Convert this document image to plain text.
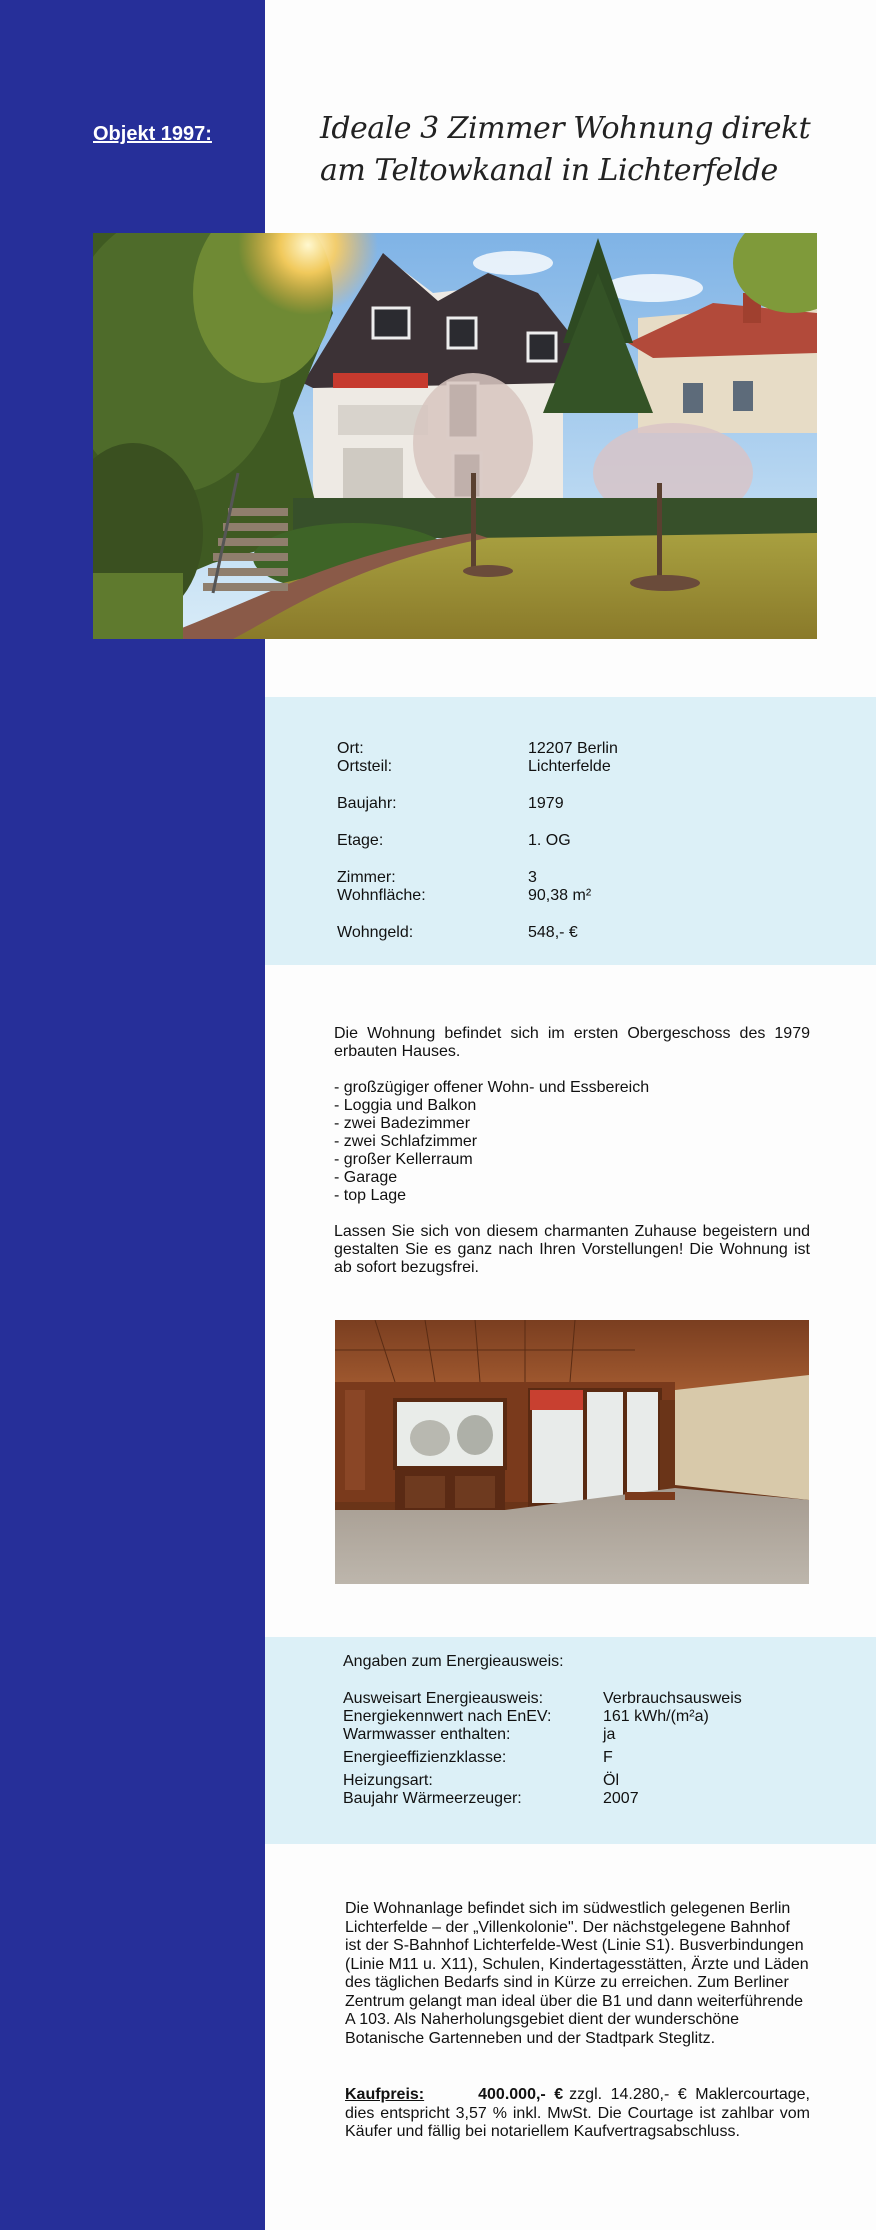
Objekt 1997:	Ideale 3 Zimmer Wohnung direkt am Teltowkanal in Lichterfelde
Ort:	12207 Berlin
Ortsteil:	Lichterfelde
Baujahr:	1979
Etage:	1. OG
Zimmer:	3
Wohnfläche:	90,38 m²
Wohngeld:	548,- €

Die Wohnung befindet sich im ersten Obergeschoss des 1979 erbauten Hauses.

- großzügiger offener Wohn- und Essbereich
- Loggia und Balkon
- zwei Badezimmer
- zwei Schlafzimmer
- großer Kellerraum
- Garage
- top Lage

Lassen Sie sich von diesem charmanten Zuhause begeistern und gestalten Sie es ganz nach Ihren Vorstellungen! Die Wohnung ist ab sofort bezugsfrei.

Angaben zum Energieausweis:
Ausweisart Energieausweis:	Verbrauchsausweis
Energiekennwert nach EnEV:	161 kWh/(m²a)
Warmwasser enthalten:	ja
Energieeffizienzklasse:	F
Heizungsart:	Öl
Baujahr Wärmeerzeuger:	2007
Die Wohnanlage befindet sich im südwestlich gelegenen Berlin Lichterfelde – der „Villenkolonie". Der nächstgelegene Bahnhof ist der S-Bahnhof Lichterfelde-West (Linie S1). Busverbindungen (Linie M11 u. X11), Schulen, Kindertagesstätten, Ärzte und Läden des täglichen Bedarfs sind in Kürze zu erreichen. Zum Berliner Zentrum gelangt man ideal über die B1 und dann weiterführende A 103. Als Naherholungsgebiet dient der wunderschöne Botanische Gartenneben und der Stadtpark Steglitz.
Kaufpreis:	400.000,- € zzgl. 14.280,- € Maklercourtage, dies entspricht 3,57 % inkl. MwSt. Die Courtage ist zahlbar vom Käufer und fällig bei notariellem Kaufvertragsabschluss.
